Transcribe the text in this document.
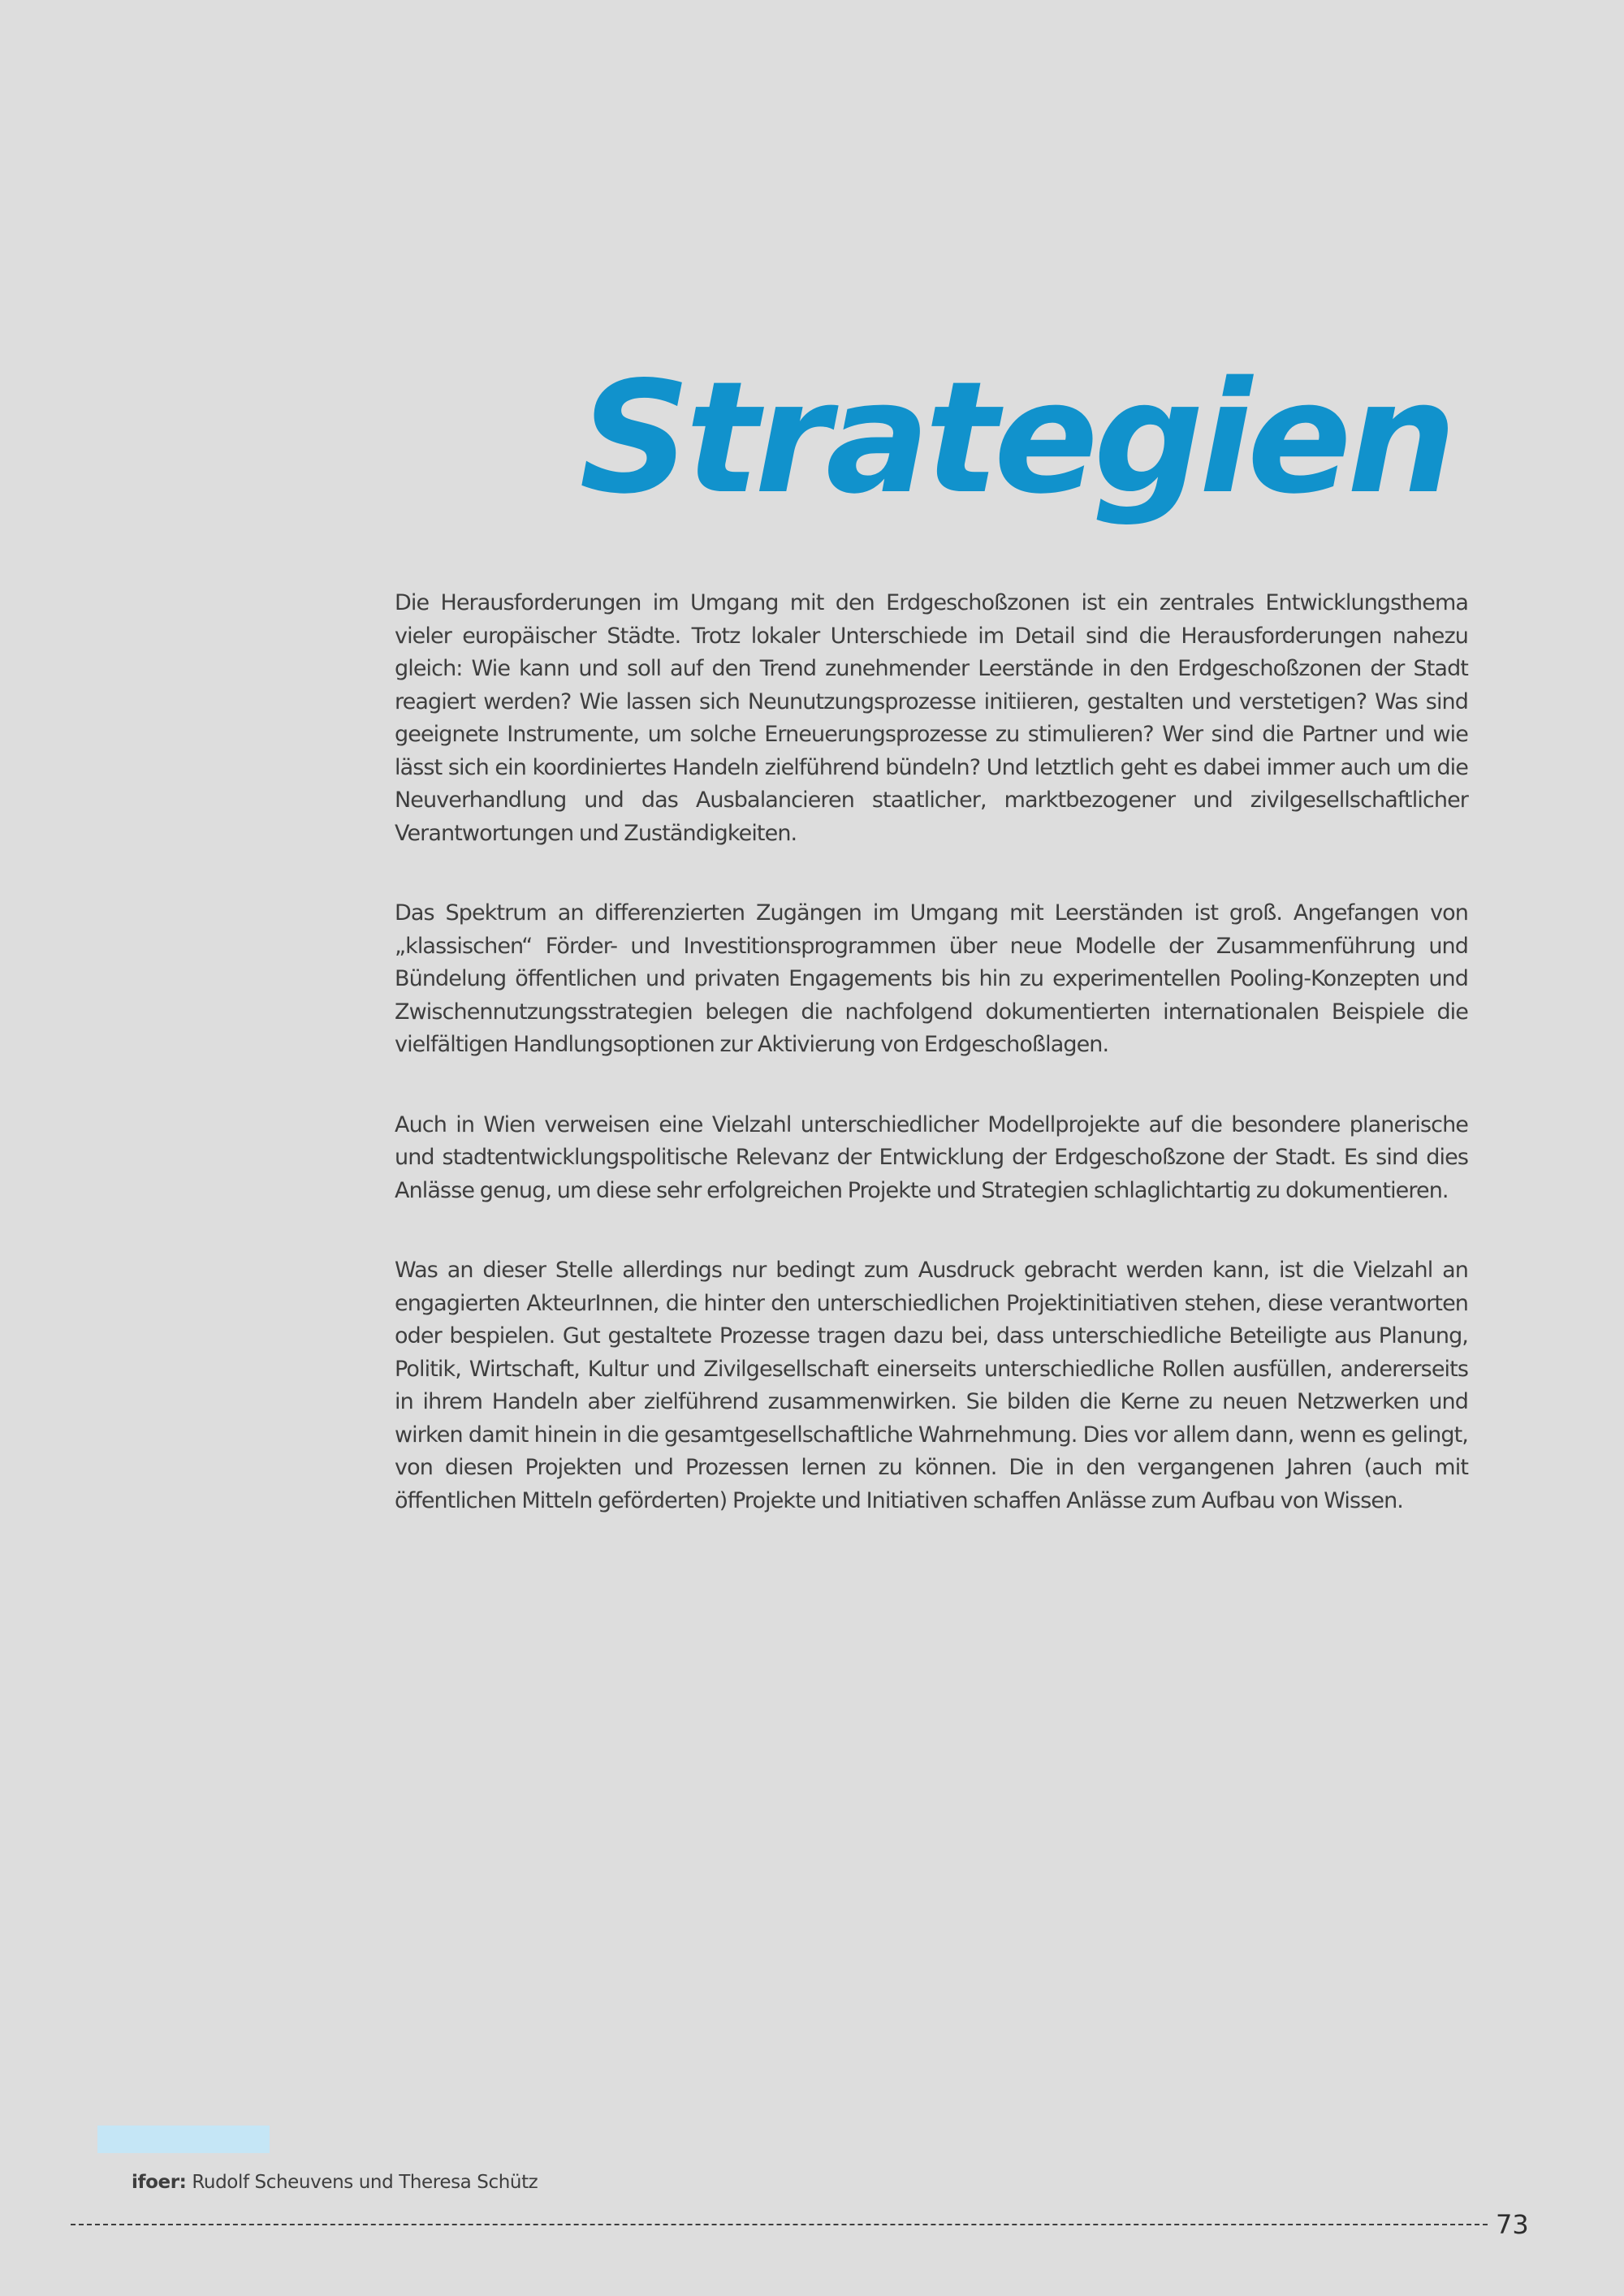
Strategien

Die Herausforderungen im Umgang mit den Erdgeschoßzonen ist ein zentrales Entwicklungsthema vieler europäischer Städte. Trotz lokaler Unterschiede im Detail sind die Herausforderungen nahezu gleich: Wie kann und soll auf den Trend zunehmender Leerstände in den Erdgeschoßzonen der Stadt reagiert werden? Wie lassen sich Neunutzungsprozesse initiieren, gestalten und verstetigen? Was sind geeignete Instrumente, um solche Erneuerungsprozesse zu stimulieren? Wer sind die Partner und wie lässt sich ein koordiniertes Handeln zielführend bündeln? Und letztlich geht es dabei immer auch um die Neuverhandlung und das Ausbalancieren staatlicher, marktbezogener und zivilgesellschaftlicher Verantwortungen und Zuständigkeiten.

Das Spektrum an differenzierten Zugängen im Umgang mit Leerständen ist groß. Angefangen von „klassischen“ Förder- und Investitionsprogrammen über neue Modelle der Zusammenführung und Bündelung öffentlichen und privaten Engagements bis hin zu experimentellen Pooling-Konzepten und Zwischennutzungsstrategien belegen die nachfolgend dokumentierten internationalen Beispiele die vielfältigen Handlungsoptionen zur Aktivierung von Erdgeschoßlagen.

Auch in Wien verweisen eine Vielzahl unterschiedlicher Modellprojekte auf die besondere planerische und stadtentwicklungspolitische Relevanz der Entwicklung der Erdgeschoßzone der Stadt. Es sind dies Anlässe genug, um diese sehr erfolgreichen Projekte und Strategien schlaglichtartig zu dokumentieren.

Was an dieser Stelle allerdings nur bedingt zum Ausdruck gebracht werden kann, ist die Vielzahl an engagierten AkteurInnen, die hinter den unterschiedlichen Projektinitiativen stehen, diese verantworten oder bespielen. Gut gestaltete Prozesse tragen dazu bei, dass unterschiedliche Beteiligte aus Planung, Politik, Wirtschaft, Kultur und Zivilgesellschaft einerseits unterschiedliche Rollen ausfüllen, andererseits in ihrem Handeln aber zielführend zusammenwirken. Sie bilden die Kerne zu neuen Netzwerken und wirken damit hinein in die gesamtgesellschaftliche Wahrnehmung. Dies vor allem dann, wenn es gelingt, von diesen Projekten und Prozessen lernen zu können. Die in den vergangenen Jahren (auch mit öffentlichen Mitteln geförderten) Projekte und Initiativen schaffen Anlässe zum Aufbau von Wissen.

ifoer: Rudolf Scheuvens und Theresa Schütz
73
